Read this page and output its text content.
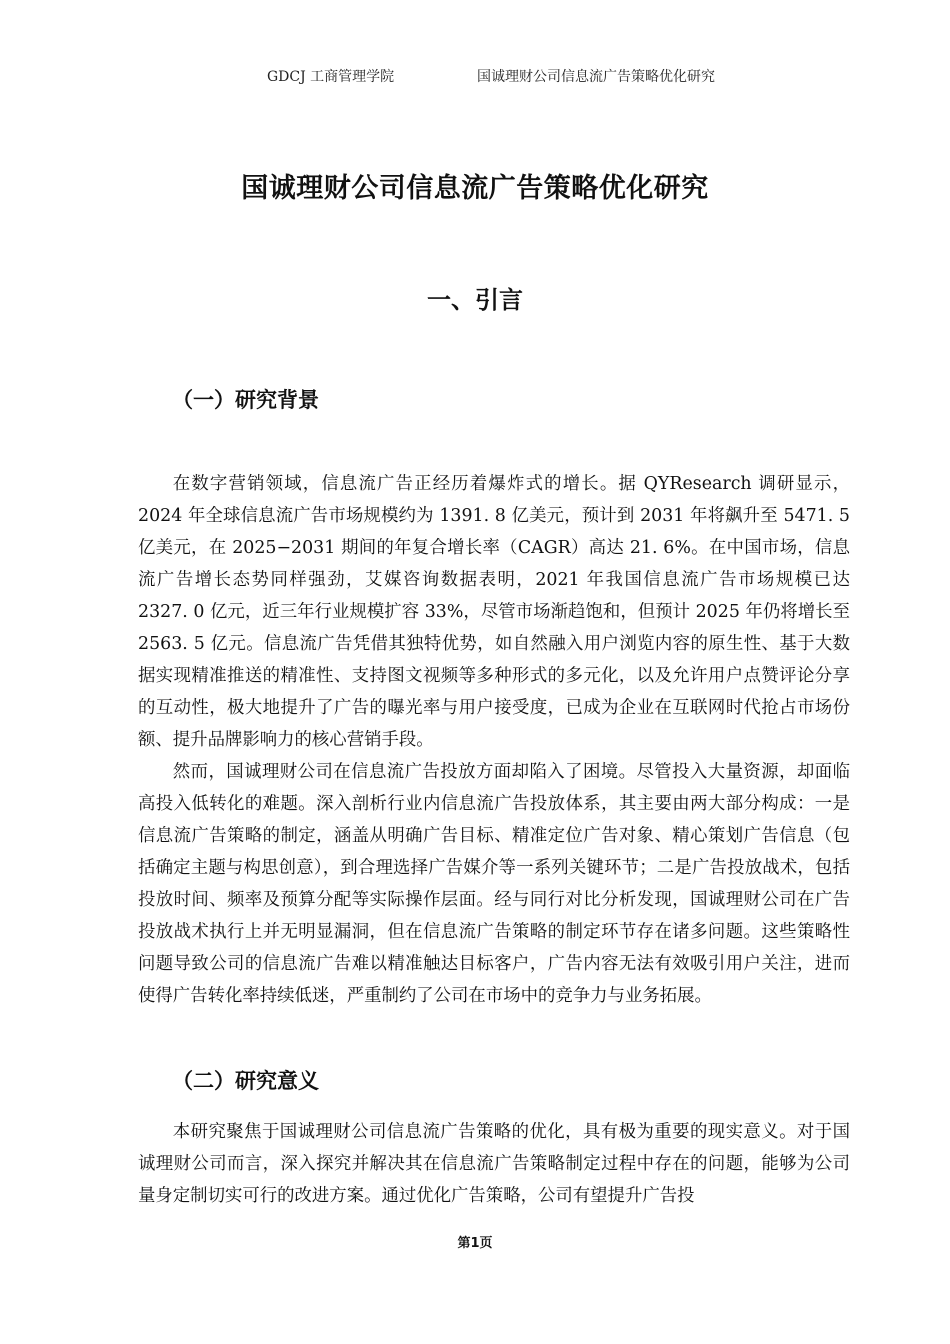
GDCJ 工商管理学院	国诚理财公司信息流广告策略优化研究
国诚理财公司信息流广告策略优化研究
一、引言
（一）研究背景

在数字营销领域，信息流广告正经历着爆炸式的增长。据 QYResearch 调研显示，2024 年全球信息流广告市场规模约为 1391. 8 亿美元，预计到 2031 年将飙升至 5471. 5 亿美元，在 2025−2031 期间的年复合增长率（CAGR）高达 21. 6%。在中国市场，信息流广告增长态势同样强劲，艾媒咨询数据表明，2021 年我国信息流广告市场规模已达 2327. 0 亿元，近三年行业规模扩容 33%，尽管市场渐趋饱和，但预计 2025 年仍将增长至 2563. 5 亿元。信息流广告凭借其独特优势，如自然融入用户浏览内容的原生性、基于大数据实现精准推送的精准性、支持图文视频等多种形式的多元化，以及允许用户点赞评论分享的互动性，极大地提升了广告的曝光率与用户接受度，已成为企业在互联网时代抢占市场份额、提升品牌影响力的核心营销手段。

然而，国诚理财公司在信息流广告投放方面却陷入了困境。尽管投入大量资源，却面临高投入低转化的难题。深入剖析行业内信息流广告投放体系，其主要由两大部分构成：一是信息流广告策略的制定，涵盖从明确广告目标、精准定位广告对象、精心策划广告信息（包括确定主题与构思创意），到合理选择广告媒介等一系列关键环节；二是广告投放战术，包括投放时间、频率及预算分配等实际操作层面。经与同行对比分析发现，国诚理财公司在广告投放战术执行上并无明显漏洞，但在信息流广告策略的制定环节存在诸多问题。这些策略性问题导致公司的信息流广告难以精准触达目标客户，广告内容无法有效吸引用户关注，进而使得广告转化率持续低迷，严重制约了公司在市场中的竞争力与业务拓展。

（二）研究意义

本研究聚焦于国诚理财公司信息流广告策略的优化，具有极为重要的现实意义。对于国诚理财公司而言，深入探究并解决其在信息流广告策略制定过程中存在的问题，能够为公司量身定制切实可行的改进方案。通过优化广告策略，公司有望提升广告投

第1页
